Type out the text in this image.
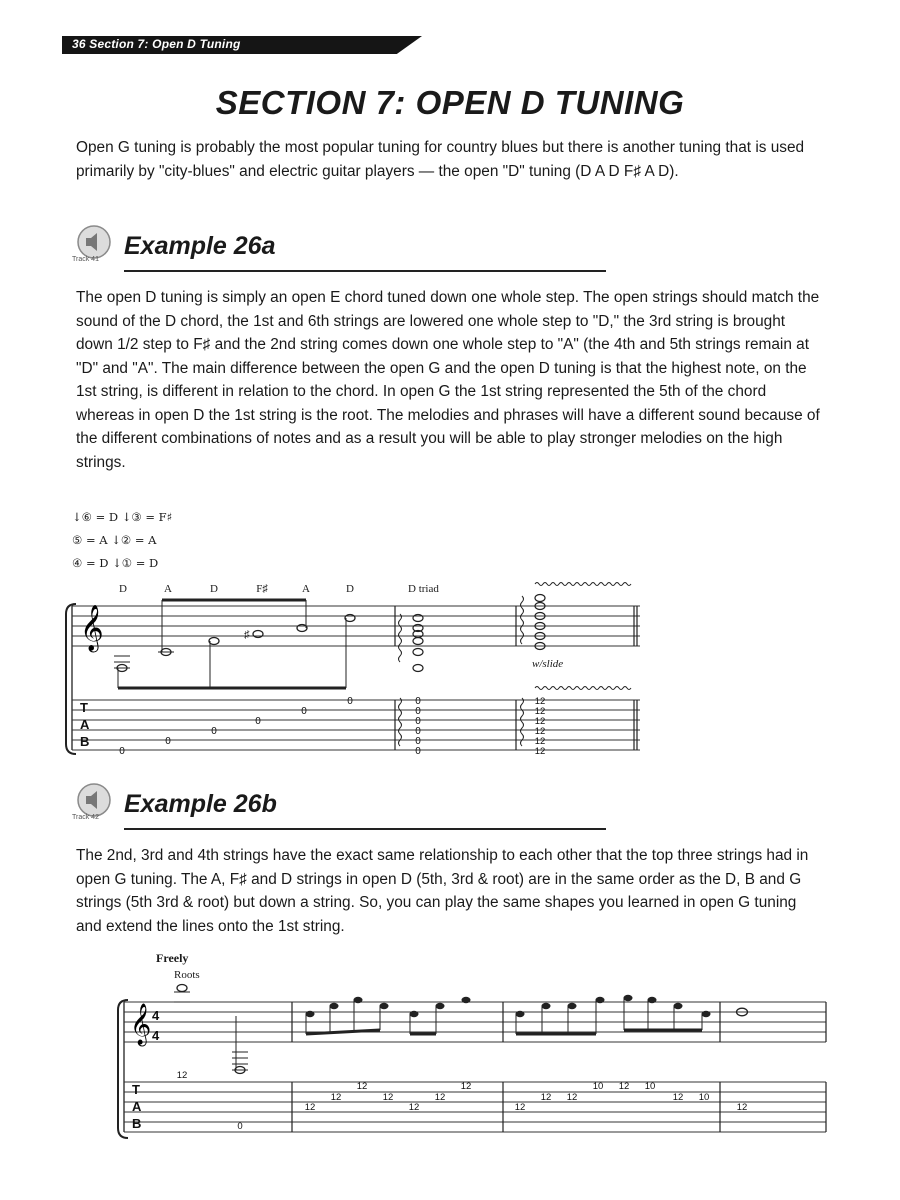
36 Section 7: Open D Tuning
SECTION 7: OPEN D TUNING

Open G tuning is probably the most popular tuning for country blues but there is another tuning that is used primarily by "city-blues" and electric guitar players — the open "D" tuning (D A D F♯ A D).

Track 41 Example 26a

The open D tuning is simply an open E chord tuned down one whole step. The open strings should match the sound of the D chord, the 1st and 6th strings are lowered one whole step to "D," the 3rd string is brought down 1/2 step to F♯ and the 2nd string comes down one whole step to "A" (the 4th and 5th strings remain at "D" and "A". The main difference between the open G and the open D tuning is that the highest note, on the 1st string, is different in relation to the chord. In open G the 1st string represented the 5th of the chord whereas in open D the 1st string is the root. The melodies and phrases will have a different sound because of the different combinations of notes and as a result you will be able to play stronger melodies on the high strings.

↓⑥ = D ↓③ = F♯
⑤ = A ↓② = A
④ = D ↓① = D
D	A	D	F♯	A	D	D triad
w/slide
𝄞	♯
T
A
B
0
0
0
0
0
0	0
0
0
0
0
0
12
12
12
12
12
12
Track 42 Example 26b

The 2nd, 3rd and 4th strings have the exact same relationship to each other that the top three strings had in open G tuning. The A, F♯ and D strings in open D (5th, 3rd & root) are in the same order as the D, B and G strings (5th 3rd & root) but down a string. So, you can play the same shapes you learned in open G tuning and extend the lines onto the 1st string.

Freely
Roots
𝄞 4
4
T
A
B
12
0
12
12
12
12
12
12
12
12
12 12
10 12 10
12 10
12
